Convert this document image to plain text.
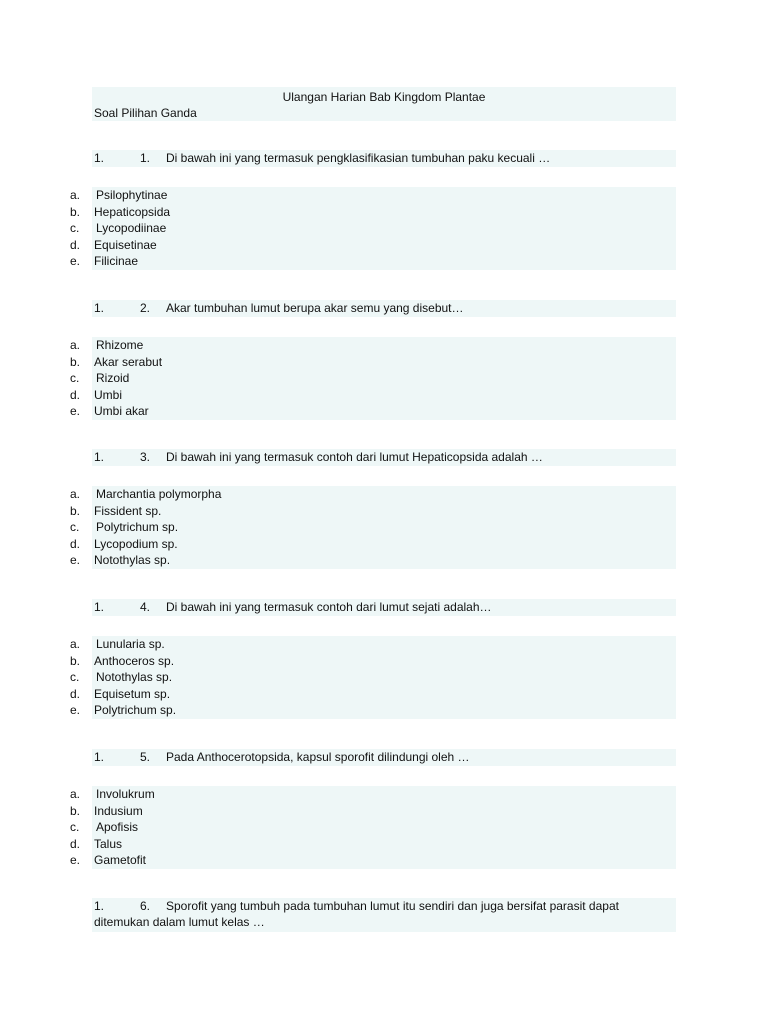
Ulangan Harian Bab Kingdom Plantae
Soal Pilihan Ganda
1.	1. Di bawah ini yang termasuk pengklasifikasian tumbuhan paku kecuali …
a.	Psilophytinae
b.	Hepaticopsida
c.	Lycopodiinae
d.	Equisetinae
e.	Filicinae
1.	2. Akar tumbuhan lumut berupa akar semu yang disebut…
a.	Rhizome
b.	Akar serabut
c.	Rizoid
d.	Umbi
e.	Umbi akar
1.	3. Di bawah ini yang termasuk contoh dari lumut Hepaticopsida adalah …
a.	Marchantia polymorpha
b.	Fissident sp.
c.	Polytrichum sp.
d.	Lycopodium sp.
e.	Notothylas sp.
1.	4. Di bawah ini yang termasuk contoh dari lumut sejati adalah…
a.	Lunularia sp.
b.	Anthoceros sp.
c.	Notothylas sp.
d.	Equisetum sp.
e.	Polytrichum sp.
1.	5. Pada Anthocerotopsida, kapsul sporofit dilindungi oleh …
a.	Involukrum
b.	Indusium
c.	Apofisis
d.	Talus
e.	Gametofit
1.	6. Sporofit yang tumbuh pada tumbuhan lumut itu sendiri dan juga bersifat parasit dapat
ditemukan dalam lumut kelas …
